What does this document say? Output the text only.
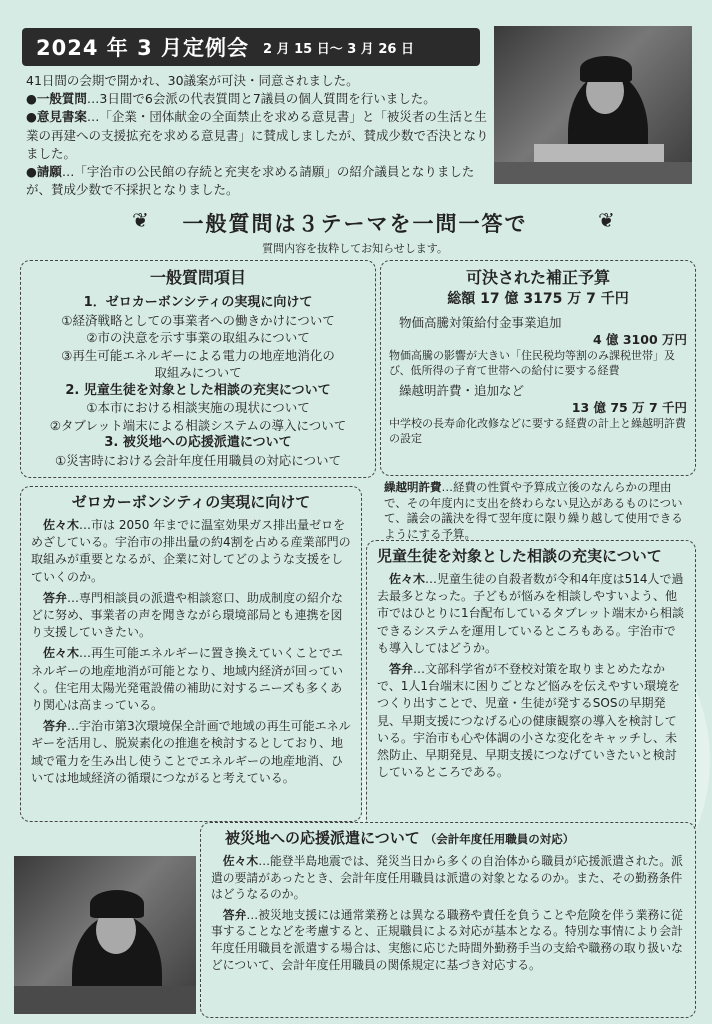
2024 年 3 月定例会 2 月 15 日～ 3 月 26 日

41日間の会期で開かれ、30議案が可決・同意されました。

●一般質問…3日間で6会派の代表質問と7議員の個人質問を行いました。

●意見書案…「企業・団体献金の全面禁止を求める意見書」と「被災者の生活と生業の再建への支援拡充を求める意見書」に賛成しましたが、賛成少数で否決となりました。

●請願…「宇治市の公民館の存続と充実を求める請願」の紹介議員となりましたが、賛成少数で不採択となりました。

❦	❦
一般質問は３テーマを一問一答で
質問内容を抜粋してお知らせします。
一般質問項目
1．ゼロカーボンシティの実現に向けて
①経済戦略としての事業者への働きかけについて
②市の決意を示す事業の取組みについて
③再生可能エネルギーによる電力の地産地消化の
取組みについて
2. 児童生徒を対象とした相談の充実について
①本市における相談実施の現状について
②タブレット端末による相談システムの導入について
3. 被災地への応援派遣について
①災害時における会計年度任用職員の対応について
可決された補正予算
総額 17 億 3175 万 7 千円
物価高騰対策給付金事業追加
4 億 3100 万円
物価高騰の影響が大きい「住民税均等割のみ課税世帯」及び、低所得の子育て世帯への給付に要する経費
繰越明許費・追加など
13 億 75 万 7 千円
中学校の長寿命化改修などに要する経費の計上と繰越明許費の設定
繰越明許費…経費の性質や予算成立後のなんらかの理由で、その年度内に支出を終わらない見込があるものについて、議会の議決を得て翌年度に限り繰り越して使用できるようにする予算。
ゼロカーボンシティの実現に向けて

佐々木…市は 2050 年までに温室効果ガス排出量ゼロをめざしている。宇治市の排出量の約4割を占める産業部門の取組みが重要となるが、企業に対してどのような支援をしていくのか。

答弁…専門相談員の派遣や相談窓口、助成制度の紹介などに努め、事業者の声を聞きながら環境部局とも連携を図り支援していきたい。

佐々木…再生可能エネルギーに置き換えていくことでエネルギーの地産地消が可能となり、地域内経済が回っていく。住宅用太陽光発電設備の補助に対するニーズも多くあり関心は高まっている。

答弁…宇治市第3次環境保全計画で地域の再生可能エネルギーを活用し、脱炭素化の推進を検討するとしており、地域で電力を生み出し使うことでエネルギーの地産地消、ひいては地域経済の循環につながると考えている。

児童生徒を対象とした相談の充実について

佐々木…児童生徒の自殺者数が令和4年度は514人で過去最多となった。子どもが悩みを相談しやすいよう、他市ではひとりに1台配布しているタブレット端末から相談できるシステムを運用しているところもある。宇治市でも導入してはどうか。

答弁…文部科学省が不登校対策を取りまとめたなかで、1人1台端末に困りごとなど悩みを伝えやすい環境をつくり出すことで、児童・生徒が発するSOSの早期発見、早期支援につなげる心の健康観察の導入を検討している。宇治市も心や体調の小さな変化をキャッチし、未然防止、早期発見、早期支援につなげていきたいと検討しているところである。

被災地への応援派遣について （会計年度任用職員の対応）

佐々木…能登半島地震では、発災当日から多くの自治体から職員が応援派遣された。派遣の要請があったとき、会計年度任用職員は派遣の対象となるのか。また、その勤務条件はどうなるのか。

答弁…被災地支援には通常業務とは異なる職務や責任を負うことや危険を伴う業務に従事することなどを考慮すると、正規職員による対応が基本となる。特別な事情により会計年度任用職員を派遣する場合は、実態に応じた時間外勤務手当の支給や職務の取り扱いなどについて、会計年度任用職員の関係規定に基づき対応する。
